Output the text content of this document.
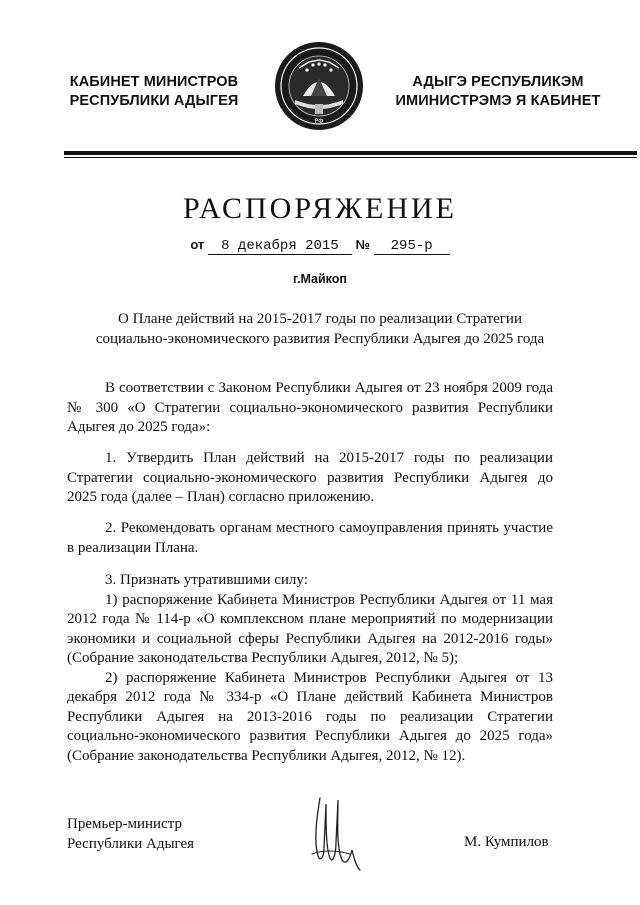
КАБИНЕТ МИНИСТРОВ
РЕСПУБЛИКИ АДЫГЕЯ
РФ
АДЫГЭ РЕСПУБЛИКЭМ
ИМИНИСТРЭМЭ Я КАБИНЕТ
РАСПОРЯЖЕНИЕ
от 8 декабря 2015 № 295-р
г.Майкоп
О Плане действий на 2015-2017 годы по реализации Стратегии
социально-экономического развития Республики Адыгея до 2025 года

В соответствии с Законом Республики Адыгея от 23 ноября 2009 года № 300 «О Стратегии социально-экономического развития Республики Адыгея до 2025 года»:

1. Утвердить План действий на 2015-2017 годы по реализации Стратегии социально-экономического развития Республики Адыгея до 2025 года (далее – План) согласно приложению.

2. Рекомендовать органам местного самоуправления принять участие в реализации Плана.

3. Признать утратившими силу:

1) распоряжение Кабинета Министров Республики Адыгея от 11 мая 2012 года № 114-р «О комплексном плане мероприятий по модернизации экономики и социальной сферы Республики Адыгея на 2012-2016 годы» (Собрание законодательства Республики Адыгея, 2012, № 5);

2) распоряжение Кабинета Министров Республики Адыгея от 13 декабря 2012 года № 334-р «О Плане действий Кабинета Министров Республики Адыгея на 2013-2016 годы по реализации Стратегии социально-экономического развития Республики Адыгея до 2025 года» (Собрание законодательства Республики Адыгея, 2012, № 12).

Премьер-министр
Республики Адыгея	М. Кумпилов
